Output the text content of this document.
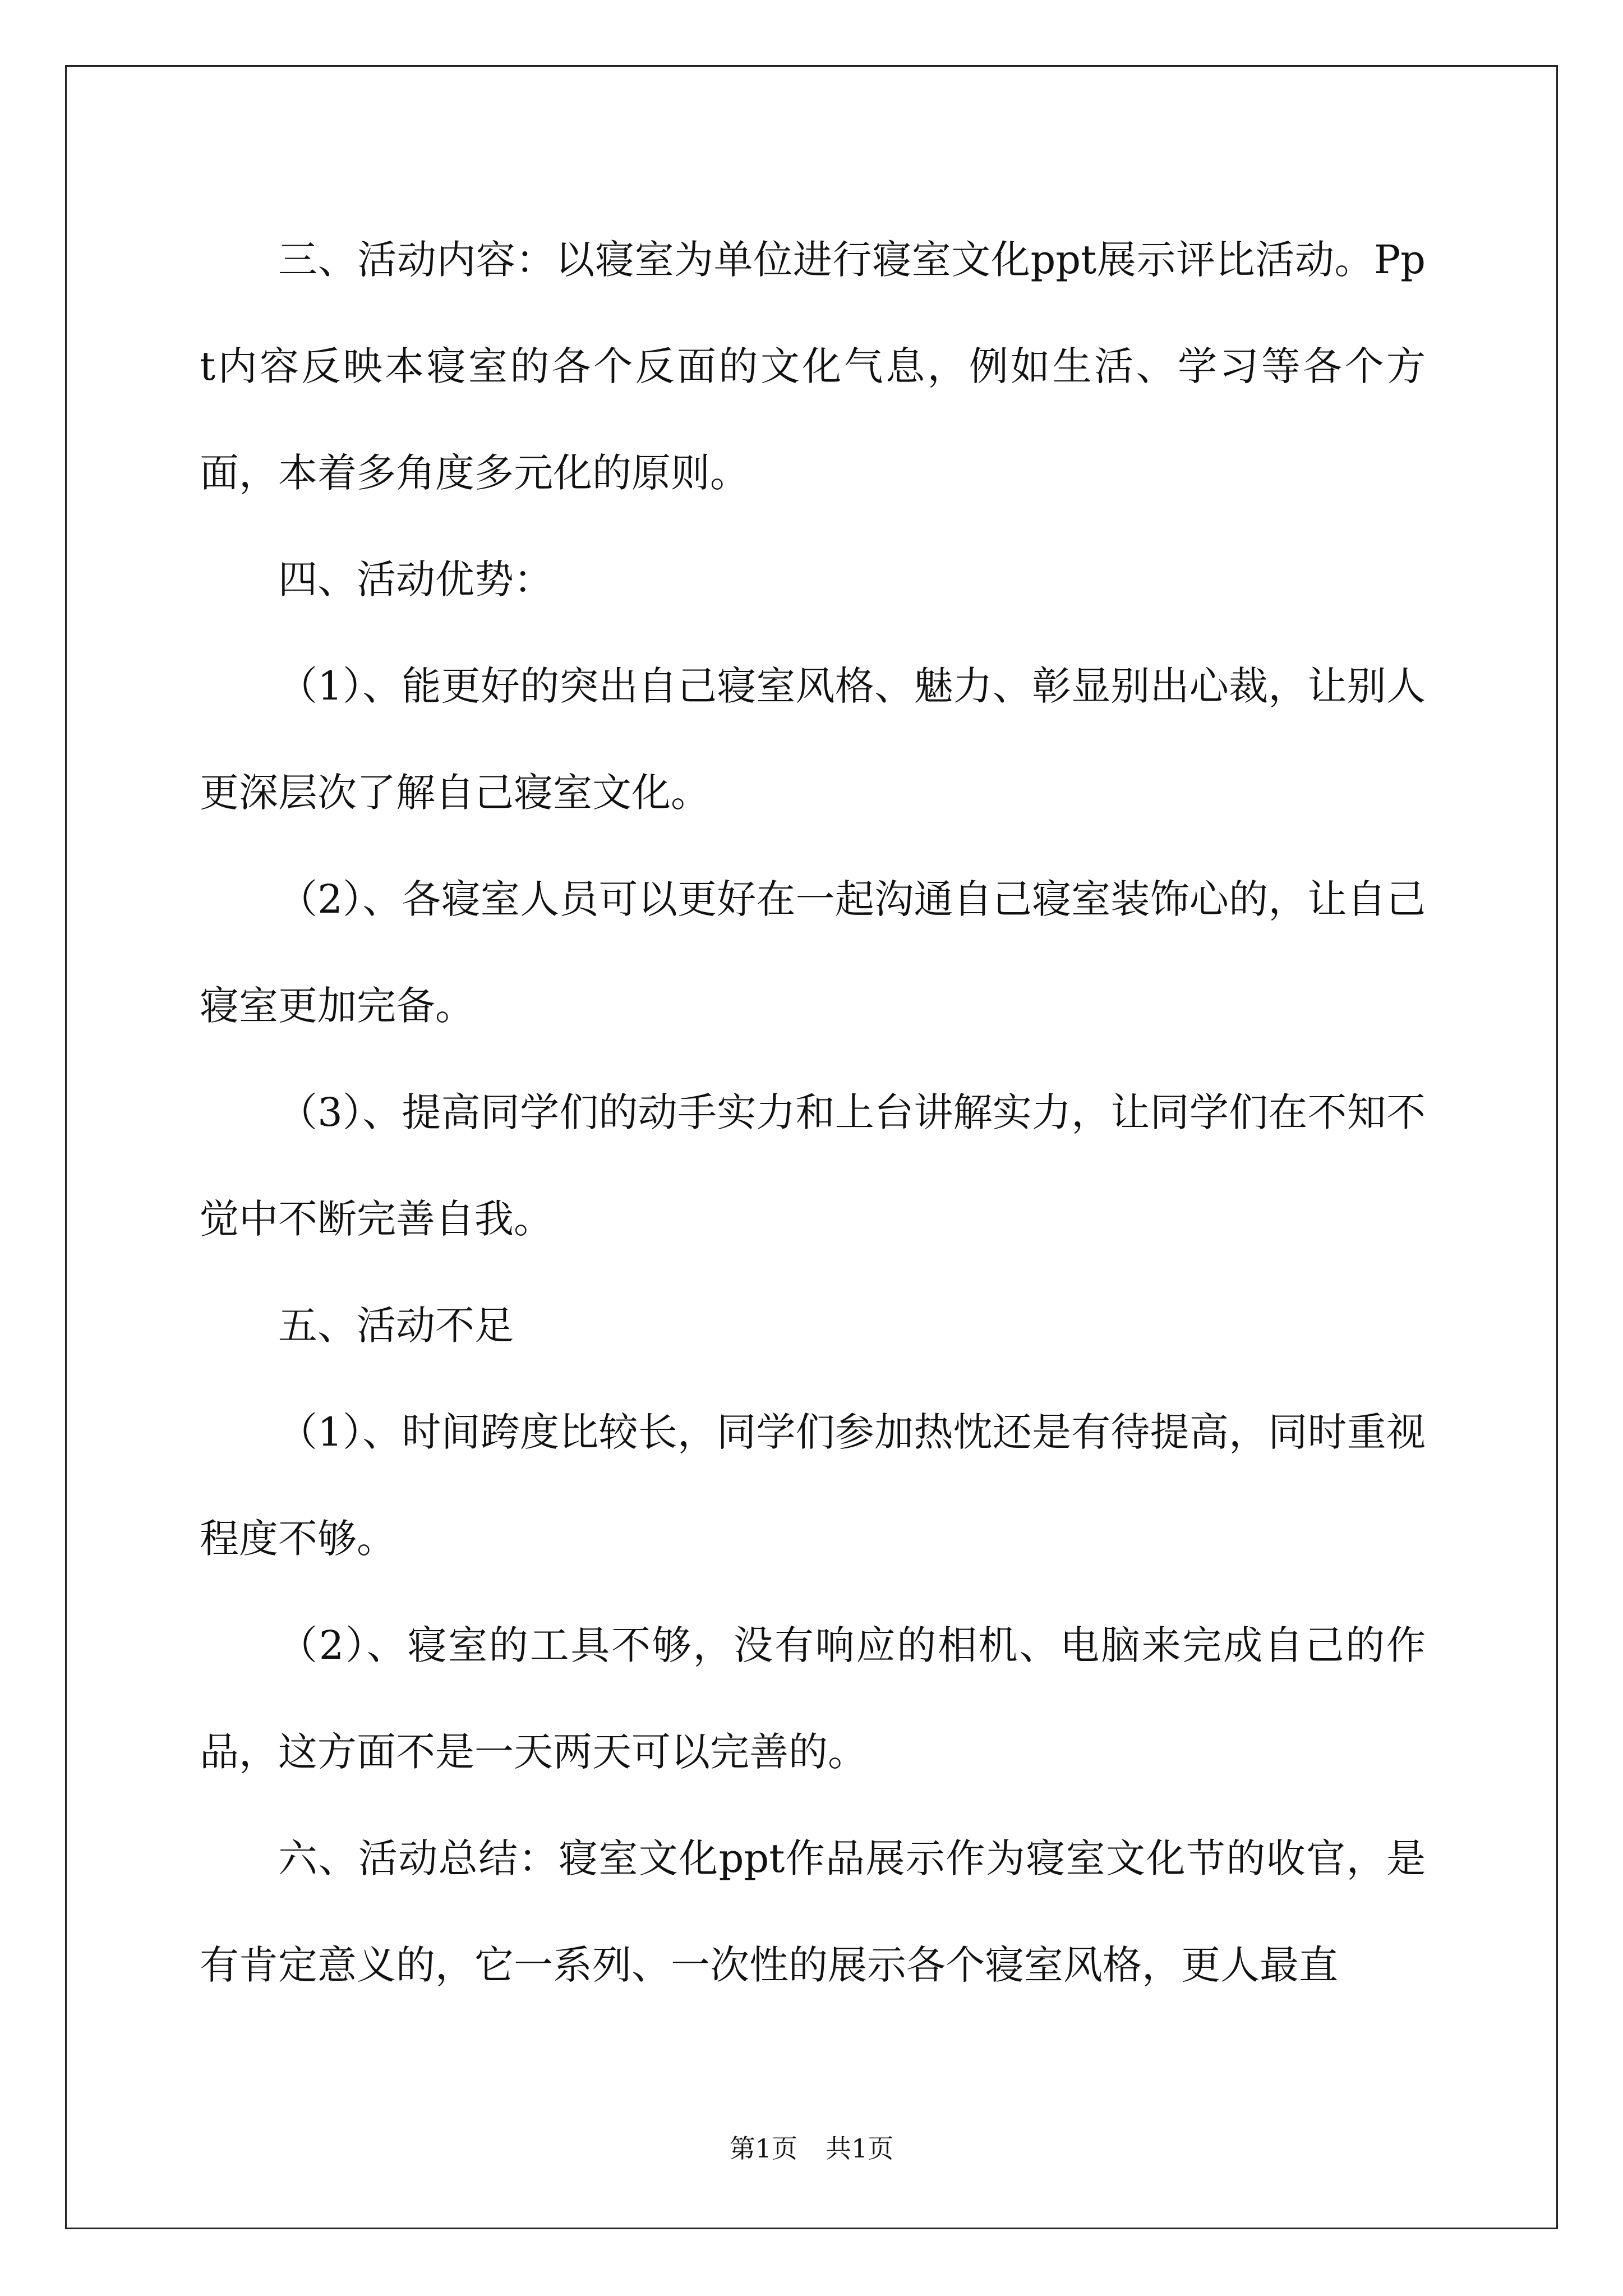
三、活动内容：以寝室为单位进行寝室文化ppt展示评比活动。Ppt内容反映本寝室的各个反面的文化气息，例如生活、学习等各个方面，本着多角度多元化的原则。

四、活动优势：

（1）、能更好的突出自己寝室风格、魅力、彰显别出心裁，让别人更深层次了解自己寝室文化。

（2）、各寝室人员可以更好在一起沟通自己寝室装饰心的，让自己寝室更加完备。

（3）、提高同学们的动手实力和上台讲解实力，让同学们在不知不觉中不断完善自我。

五、活动不足

（1）、时间跨度比较长，同学们参加热忱还是有待提高，同时重视程度不够。

（2）、寝室的工具不够，没有响应的相机、电脑来完成自己的作品，这方面不是一天两天可以完善的。

六、活动总结：寝室文化ppt作品展示作为寝室文化节的收官，是有肯定意义的，它一系列、一次性的展示各个寝室风格，更人最直

第1页 共1页
